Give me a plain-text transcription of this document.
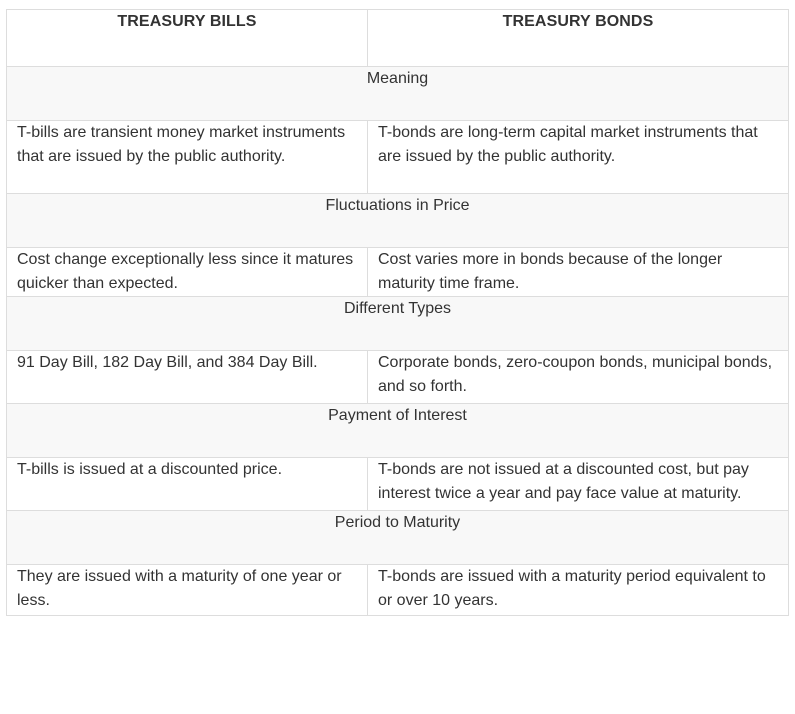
TREASURY BILLS	TREASURY BONDS
Meaning	
T-bills are transient money market instruments that are issued by the public authority.	T-bonds are long-term capital market instruments that are issued by the public authority.
Fluctuations in Price	
Cost change exceptionally less since it matures quicker than expected.	Cost varies more in bonds because of the longer maturity time frame.
Different Types	
91 Day Bill, 182 Day Bill, and 384 Day Bill.	Corporate bonds, zero-coupon bonds, municipal bonds, and so forth.
Payment of Interest	
T-bills is issued at a discounted price.	T-bonds are not issued at a discounted cost, but pay interest twice a year and pay face value at maturity.
Period to Maturity	
They are issued with a maturity of one year or less.	T-bonds are issued with a maturity period equivalent to or over 10 years.
